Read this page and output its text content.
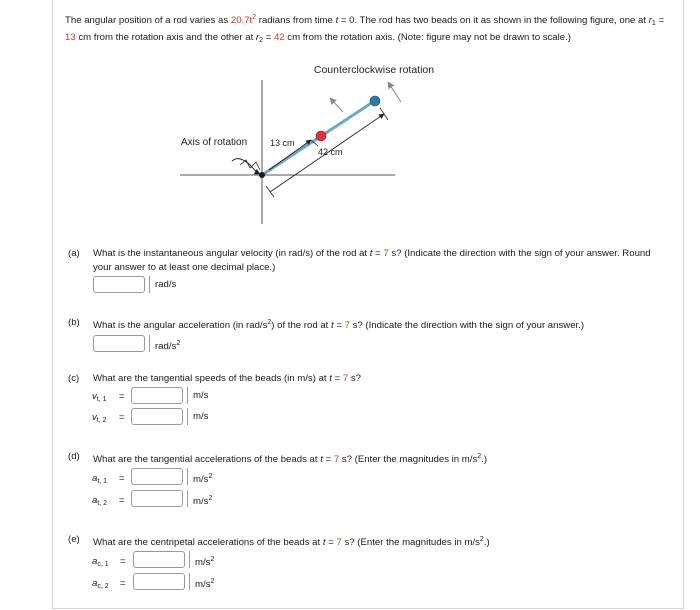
The angular position of a rod varies as $20.7t^2$ radians from time t = 0. The rod has two beads on it as shown in the following figure, one at $r_1 = 13$ cm from the rotation axis and the other at $r_2 = 42$ cm from the rotation axis. (Note: figure may not be drawn to scale.)
Counterclockwise rotation
Axis of rotation	13 cm
42 cm
(a)	What is the instantaneous angular velocity (in rad/s) of the rod at t = 7 s? (Indicate the direction with the sign of your answer. Round your answer to at least one decimal place.)
rad/s
(b)	What is the angular acceleration (in rad/$s^2$) of the rod at t = 7 s? (Indicate the direction with the sign of your answer.)
rad/$s^2$
(c)	What are the tangential speeds of the beads (in m/s) at t = 7 s?
$v_{t, 1}$ =	m/s
$v_{t, 2}$ =	m/s
(d)	What are the tangential accelerations of the beads at t = 7 s? (Enter the magnitudes in $m/s^2$.)
$a_{t, 1}$ =	$m/s^2$
$a_{t, 2}$ =	$m/s^2$
(e)	What are the centripetal accelerations of the beads at t = 7 s? (Enter the magnitudes in $m/s^2$.)
$a_{c, 1}$ =	$m/s^2$
$a_{c, 2}$ =	$m/s^2$
